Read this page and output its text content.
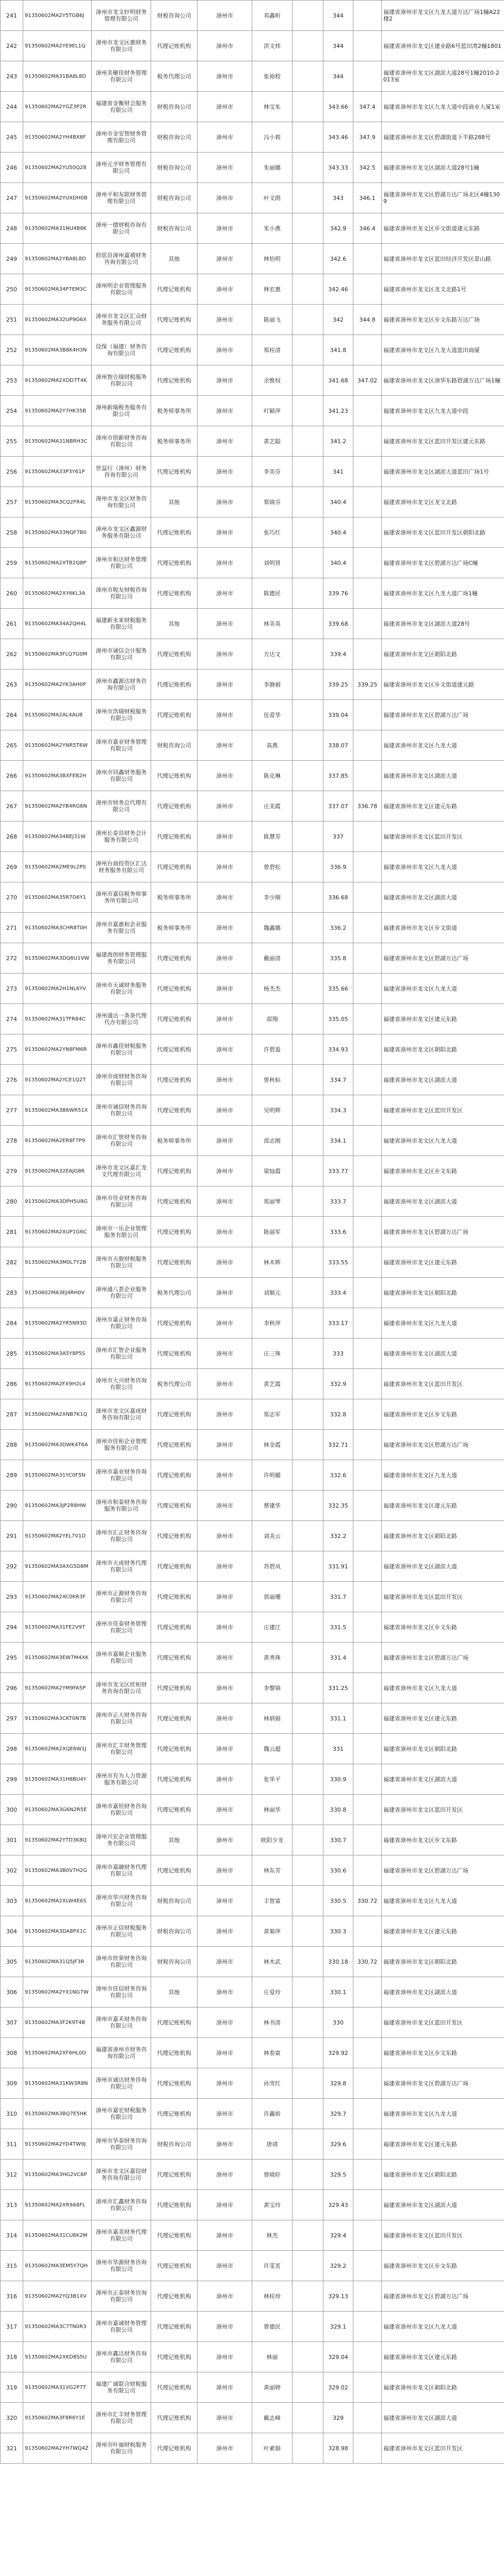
241	91350602MA2Y5TGB6J	漳州市龙文轩明财务管理有限公司	财税咨询公司	漳州市	邓鑫昕		344		福建省漳州市龙文区九龙大道万达广场1幢A22楼2
242	91350602MA2YE9EL1Q	漳州市龙文区惠财务有限公司	代理记账机构	漳州市	洪文炜		344		福建省漳州市龙文区建业路6号蓝田湾2幢1801
243	91350602MA31BA8L8D	漳州美聚佳财务管理有限公司	税务代理公司	漳州市	张裕校		344		福建省漳州市龙文区湖滨大道28号1幢2010-2013室
244	91350602MA2YGZ3P2R	福建省金衡财会服务有限公司	财税咨询公司	漳州市	林宝朱		343.66	347.4	福建省漳州市龙文区九龙大道中段商业大厦1室
245	91350602MA2YH4BX8F	漳州市金安智财务管理有限公司	财税咨询公司	漳州市	冯小莉		343.46	347.9	福建省漳州市龙文区碧湖街道下半路288号
246	91350602MA2YU50Q28	漳州元亨财务管理有限公司	财税咨询公司	漳州市	朱丽娜		343.33	342.5	福建省漳州市龙文区湖滨大道28号1幢
247	91350602MA2YUXDH0B	漳州平和友联财务管理有限公司	财税咨询公司	漳州市	叶文朗		343	346.1	福建省漳州市龙文区碧湖万达广场北区4幢1309
248	91350602MA31NU4B8K	漳州一德财税咨询有限公司	财税咨询公司	漳州市	朱小燕		342.9	346.4	福建省漳州市龙文区步文街道建元东路
249	91350602MA2YBA8L8D	仰思县漳州嘉禧财务咨询有限公司	其他	漳州市	林怡明		342.6		福建省漳州市龙文区蓝田经济开发区景山路
250	91350602MA34P7EM3C	漳州明企业管理服务有限公司	代理记账机构	漳州市	林宏惠		342.46		福建省漳州市龙文区龙文北路1号
251	91350602MA32UP9G6X	漳州市龙文区汇众财务服务有限公司	代理记账机构	漳州市	陈丽飞		342	344.8	福建省漳州市龙文区步文东路万达广场
252	91350602MA3B8K4H3N	设保（福建）财务咨询有限公司	代理记账机构	漳州市	郑桂清		341.8		福建省漳州市龙文区九龙大道蓝田商厦
253	91350602MA2XDD7T4K	漳州智合瑞财税服务有限公司	代理记账机构	漳州市	余惟权		341.68	347.02	福建省漳州市龙文区漳华东路碧湖万达广场1幢
254	91350602MA2Y7HK35B	漳州新瑞税务服务有限公司	税务师事务所	漳州市	叮颖萍		341.23		福建省漳州市龙文区九龙大道中段
255	91350602MA31NBRH3C	漳州市创新财务咨询有限公司	税务师事务所	漳州市	黄艺聪		341.2		福建省漳州市龙文区蓝田开发区建元东路
256	91350602MA33P3Y61P	世益行（漳州）财务咨询有限公司	代理记账机构	漳州市	李美芬		341		福建省漳州市龙文区湖滨大道蓝田广场1号
257	91350602MA3CQ2FR4L	漳州市龙文区财务咨询有限公司	其他	漳州市	郑锦芬		340.4		福建省漳州市龙文区龙文北路
258	91350602MA33NQF7B0	漳州市龙文区鑫源财务服务有限公司	代理记账机构	漳州市	张巧红		340.4		福建省漳州市龙文区蓝田开发区朝阳北路
259	91350602MA2XTB2Q8P	漳州市和达财务管理有限公司	代理记账机构	漳州市	刘明贤		340.4		福建省漳州市龙文区碧湖万达广场C幢
260	91350602MA2XY6KL3A	漳州市税友财税咨询有限公司	代理记账机构	漳州市	陈德民		339.76		福建省漳州市龙文区九龙大道广场1幢
261	91350602MA34A2QH4L	福建新未来财税服务有限公司	其他	漳州市	林美英		339.68		福建省漳州市龙文区湖滨大道28号
262	91350602MA3FLQ7G0M	漳州市诚信会计服务有限公司	代理记账机构	漳州市	方达文		339.4		福建省漳州市龙文区朝阳北路
263	91350602MA2YK3AH0P	漳州市鑫源达财务咨询有限公司	代理记账机构	漳州市	李静娟		339.25	339.25	福建省漳州市龙文区步文街道建元路
264	91350602MA2AL4AU8	漳州市浩瑞财税服务有限公司	代理记账机构	漳州市	伍爱华		339.04		福建省漳州市龙文区碧湖万达广场
265	91350602MA2YNR5T6W	漳州市嘉业财务管理有限公司	财税咨询公司	漳州市	高燕		338.07		福建省漳州市龙文区九龙大道
266	91350602MA3BXFEB2H	漳州市同鑫财务服务有限公司	代理记账机构	漳州市	陈克琳		337.85		福建省漳州市龙文区湖滨大道
267	91350602MA2YB4RG6N	漳州市财务总代理有限公司	代理记账机构	漳州市	庄美霞		337.07	336.78	福建省漳州市龙文区建元东路
268	91350602MA34BEJ31W	漳州长泰县财务会计服务有限公司	代理记账机构	漳州市	陈慧芳		337		福建省漳州市龙文区蓝田开发区
269	91350602MA2ME9L2P0	漳州台商投资区汇达财务服务有限公司	代理记账机构	漳州市	曾碧松		336.9		福建省漳州市龙文区九龙大道
270	91350602MA35R7D6Y1	漳州市嘉信税务师事务所有限公司	税务师事务所	漳州市	李少刚		336.68		福建省漳州市龙文区湖滨大道
271	91350602MA3CHR8T0H	漳州市嘉惠和企业服务有限公司	税务师事务所	漳州市	魏鑫娜		336.2		福建省漳州市龙文区步文街道
272	91350602MA3DQ6U1VW	福建海创财务管理服务有限公司	代理记账机构	漳州市	戴丽清		335.8		福建省漳州市龙文区碧湖万达广场
273	91350602MA2H1NL6YV	漳州市天诚财务服务有限公司	代理记账机构	漳州市	杨杰杰		335.66		福建省漳州市龙文区九龙大道
274	91350602MA31TFR84C	漳州通达一条条代理代办有限公司	代理记账机构	漳州市	邵翔		335.05		福建省漳州市龙文区建元东路
275	91350602MA2YN8FM6R	漳州市鑫佳财税服务有限公司	代理记账机构	漳州市	许碧盈		334.93		福建省漳州市龙文区朝阳北路
276	91350602MA2YCE1Q2T	漳州市成财财务咨询有限公司	代理记账机构	漳州市	曾秋标		334.7		福建省漳州市龙文区湖滨大道
277	91350602MA3B6WR51X	漳州市诚信财务咨询有限公司	代理记账机构	漳州市	吴明辉		334.3		福建省漳州市龙文区蓝田开发区
278	91350602MA2ER8F7P9	漳州市汇管财务咨询有限公司	税务师事务所	漳州市	邵志刚		334.1		福建省漳州市龙文区九龙大道
279	91350602MA32EAJG8R	漳州市龙文区嘉汇龙文代理有限公司	代理记账机构	漳州市	梁灿霞		333.77		福建省漳州市龙文区步文东路
280	91350602MA3DPH5U8G	漳州市佳业财务咨询有限公司	代理记账机构	漳州市	郑丽琴		333.7		福建省漳州市龙文区湖滨大道
281	91350602MA2XUP1G6C	漳州市一乐企业管理服务有限公司	代理记账机构	漳州市	陈丽军		333.6		福建省漳州市龙文区碧湖万达广场
282	91350602MA3M0L7Y2B	漳州市天骏财税服务有限公司	代理记账机构	漳州市	林木辉		333.55		福建省漳州市龙文区建元东路
283	91350602MA3EJ4RH0V	漳州通八荟企业服务有限公司	税务代理公司	漳州市	刘顺元		333.4		福建省漳州市龙文区朝阳北路
284	91350602MA2YR5N93D	漳州市嘉正财务咨询有限公司	代理记账机构	漳州市	李秋萍		333.17		福建省漳州市龙文区九龙大道
285	91350602MA3A5Y8P5S	漳州市汇智企业服务有限公司	代理记账机构	漳州市	庄三珠		333		福建省漳州市龙文区湖滨大道
286	91350602MA2FX9H2L4	漳州市大兴财务咨询有限公司	税务代理公司	漳州市	黄艺霞		332.9		福建省漳州市龙文区蓝田开发区
287	91350602MA2XNB7K1Q	漳州市龙文区嘉成财务咨询有限公司	代理记账机构	漳州市	郑志军		332.8		福建省漳州市龙文区步文东路
288	91350602MA3DWK4T6A	漳州市佳和企业管理服务有限公司	代理记账机构	漳州市	林金霞		332.71		福建省漳州市龙文区碧湖万达广场
289	91350602MA31YC0F5N	漳州市嘉业财务咨询有限公司	代理记账机构	漳州市	许明媚		332.6		福建省漳州市龙文区九龙大道
290	91350602MA3JP2R8HW	漳州市和泰财务咨询服务有限公司	代理记账机构	漳州市	蔡建华		332.35		福建省漳州市龙文区建元东路
291	91350602MA2YEL7V1D	漳州市汇正财务咨询有限公司	代理记账机构	漳州市	刘美云		332.2		福建省漳州市龙文区朝阳北路
292	91350602MA3AXG5D8M	漳州市天成财务代理有限公司	代理记账机构	漳州市	苏碧凤		331.91		福建省漳州市龙文区湖滨大道
293	91350602MA2XC0KR3F	漳州市正源财务咨询有限公司	代理记账机构	漳州市	郭丽珊		331.7		福建省漳州市龙文区蓝田开发区
294	91350602MA31FE2V9T	漳州市佳泰财务管理有限公司	代理记账机构	漳州市	庄建江		331.5		福建省漳州市龙文区步文东路
295	91350602MA3EW7M4XK	漳州市嘉顺企业服务有限公司	代理记账机构	漳州市	黄秀珠		331.4		福建省漳州市龙文区碧湖万达广场
296	91350602MA2YM9FA5P	漳州市龙文区欣和财务咨询有限公司	代理记账机构	漳州市	李黎锦		331.25		福建省漳州市龙文区九龙大道
297	91350602MA3CKT0N7B	漳州市正大财务咨询有限公司	代理记账机构	漳州市	林炳娟		331.1		福建省漳州市龙文区建元东路
298	91350602MA2XQE6W1J	漳州市汇丰财务管理有限公司	代理记账机构	漳州市	魏云超		331		福建省漳州市龙文区朝阳北路
299	91350602MA31H8BU4Y	漳州市有为人力资源服务有限公司	代理记账机构	漳州市	张华平		330.9		福建省漳州市龙文区湖滨大道
300	91350602MA3G6N2R5E	漳州市嘉恒财务咨询有限公司	代理记账机构	漳州市	林丽华		330.8		福建省漳州市龙文区蓝田开发区
301	91350602MA2YTD3K8Q	漳州兴宏企业管理服务有限公司	其他	漳州市	欧阳少龙		330.7		福建省漳州市龙文区步文东路
302	91350602MA3B0V7H2G	漳州市嘉融财务代理有限公司	代理记账机构	漳州市	林东芳		330.6		福建省漳州市龙文区碧湖万达广场
303	91350602MA2XLW4E6S	漳州市华兴财务咨询有限公司	财税咨询公司	漳州市	丰智富		330.5	330.72	福建省漳州市龙文区九龙大道
304	91350602MA3DA8PX1C	漳州市正信财税服务有限公司	财税咨询公司	漳州市	黄菊萍		330.3		福建省漳州市龙文区建元东路
305	91350602MA31Q5JF3R	漳州市欣荣财务咨询有限公司	财税咨询公司	漳州市	林木武		330.18	330.72	福建省漳州市龙文区朝阳北路
306	91350602MA2YX1NG7W	漳州市佳信财务咨询有限公司	其他	漳州市	庄爱玲		330.1		福建省漳州市龙文区湖滨大道
307	91350602MA3F2K9T4B	漳州市嘉禾财务咨询有限公司	代理记账机构	漳州市	林书清		330		福建省漳州市龙文区蓝田开发区
308	91350602MA2XF6HL0D	福建省漳州市财务咨询有限公司	代理记账机构	漳州市	林春富		329.92		福建省漳州市龙文区步文东路
309	91350602MA31KW3R8N	漳州市诚达财务咨询有限公司	代理记账机构	漳州市	孙雪红		329.8		福建省漳州市龙文区碧湖万达广场
310	91350602MA3BQ7E5HK	漳州市嘉宏财税服务有限公司	代理记账机构	漳州市	许鑫娇		329.7		福建省漳州市龙文区九龙大道
311	91350602MA2YD4TW9J	漳州市华泰财务咨询有限公司	财税咨询公司	漳州市	唐靖		329.6		福建省漳州市龙文区建元东路
312	91350602MA3HG2VC6P	漳州市龙文区嘉信财务咨询有限公司	代理记账机构	漳州市	曾晓轩		329.5		福建省漳州市龙文区朝阳北路
313	91350602MA2XR9A8FL	漳州市汇鑫财务咨询有限公司	代理记账机构	漳州市	黄宝玲		329.43		福建省漳州市龙文区湖滨大道
314	91350602MA31CU6K2M	漳州市嘉美财务代理有限公司	代理记账机构	漳州市	林杰		329.4		福建省漳州市龙文区蓝田开发区
315	91350602MA3EM5Y7QH	漳州市华源财务咨询有限公司	代理记账机构	漳州市	许雯茗		329.2		福建省漳州市龙文区步文东路
316	91350602MA2YQ3B1XV	漳州市正泰财务咨询有限公司	代理记账机构	漳州市	林桂珍		329.13		福建省漳州市龙文区碧湖万达广场
317	91350602MA3C7TN0R3	漳州市嘉诚财务管理有限公司	代理记账机构	漳州市	曾德民		329.1		福建省漳州市龙文区九龙大道
318	91350602MA2XKD8S5U	漳州市鑫达财务咨询有限公司	代理记账机构	漳州市	林丽		329.04		福建省漳州市龙文区建元东路
319	91350602MA31VG2P7T	福建广诚联合财税服务有限公司	代理记账机构	漳州市	黄丽婷		329.02		福建省漳州市龙文区朝阳北路
320	91350602MA3F8R6Y1E	漳州市汇丰财务管理有限公司	代理记账机构	漳州市	戴志峰		329		福建省漳州市龙文区湖滨大道
321	91350602MA2YH7WQ4Z	漳州市叶福财税服务有限公司	代理记账机构	漳州市	叶素娟		328.98		福建省漳州市龙文区蓝田开发区
